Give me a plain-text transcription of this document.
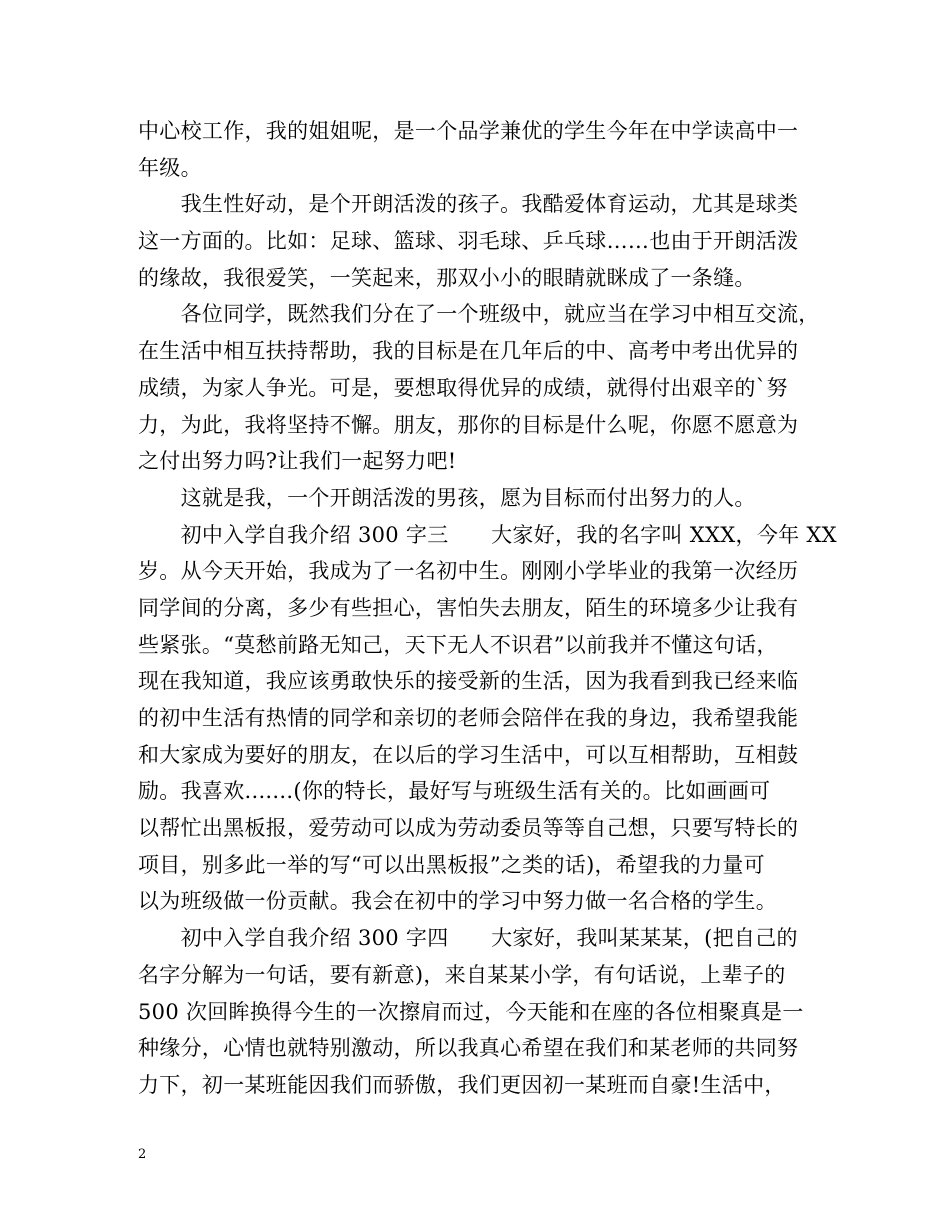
中心校工作，我的姐姐呢，是一个品学兼优的学生今年在中学读高中一
年级。
　　我生性好动，是个开朗活泼的孩子。我酷爱体育运动，尤其是球类
这一方面的。比如：足球、篮球、羽毛球、乒乓球……也由于开朗活泼
的缘故，我很爱笑，一笑起来，那双小小的眼睛就眯成了一条缝。
　　各位同学，既然我们分在了一个班级中，就应当在学习中相互交流，
在生活中相互扶持帮助，我的目标是在几年后的中、高考中考出优异的
成绩，为家人争光。可是，要想取得优异的成绩，就得付出艰辛的`努
力，为此，我将坚持不懈。朋友，那你的目标是什么呢，你愿不愿意为
之付出努力吗?让我们一起努力吧!
　　这就是我，一个开朗活泼的男孩，愿为目标而付出努力的人。
　　初中入学自我介绍 300 字三　　大家好，我的名字叫 XXX，今年 XX
岁。从今天开始，我成为了一名初中生。刚刚小学毕业的我第一次经历
同学间的分离，多少有些担心，害怕失去朋友，陌生的环境多少让我有
些紧张。“莫愁前路无知己，天下无人不识君”以前我并不懂这句话，
现在我知道，我应该勇敢快乐的接受新的生活，因为我看到我已经来临
的初中生活有热情的同学和亲切的老师会陪伴在我的身边，我希望我能
和大家成为要好的朋友，在以后的学习生活中，可以互相帮助，互相鼓
励。我喜欢.......(你的特长，最好写与班级生活有关的。比如画画可
以帮忙出黑板报，爱劳动可以成为劳动委员等等自己想，只要写特长的
项目，别多此一举的写“可以出黑板报”之类的话)，希望我的力量可
以为班级做一份贡献。我会在初中的学习中努力做一名合格的学生。
　　初中入学自我介绍 300 字四　　大家好，我叫某某某，(把自己的
名字分解为一句话，要有新意)，来自某某小学，有句话说，上辈子的
500 次回眸换得今生的一次擦肩而过，今天能和在座的各位相聚真是一
种缘分，心情也就特别激动，所以我真心希望在我们和某老师的共同努
力下，初一某班能因我们而骄傲，我们更因初一某班而自豪!生活中，
2
